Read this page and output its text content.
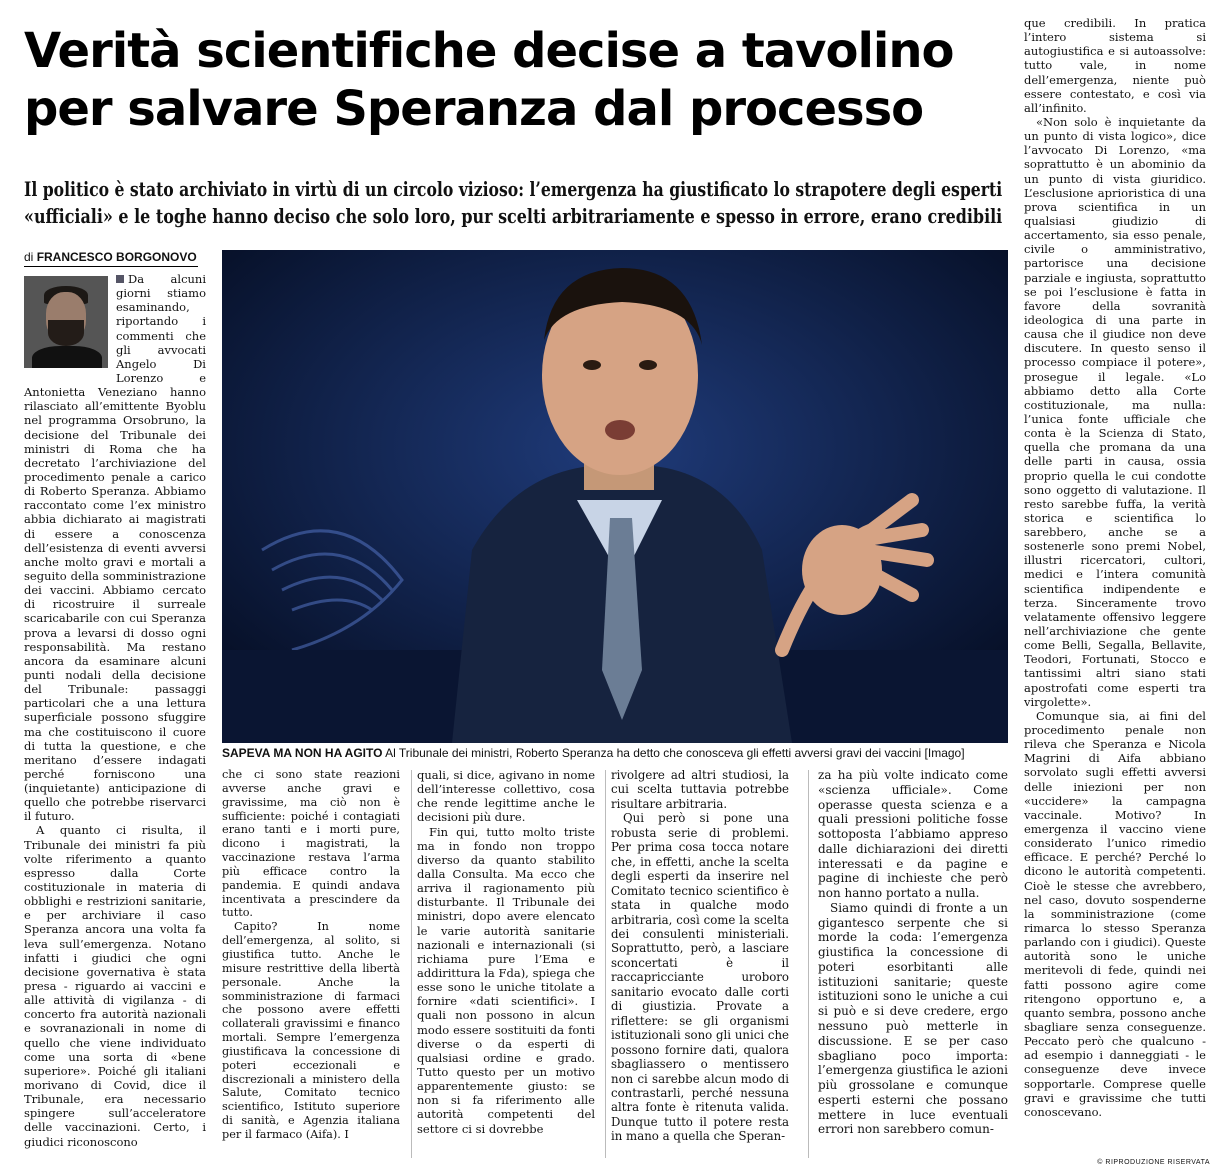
Verità scientifiche decise a tavolino
per salvare Speranza dal processo
Il politico è stato archiviato in virtù di un circolo vizioso: l’emergenza ha giustificato lo strapotere degli esperti
«ufficiali» e le toghe hanno deciso che solo loro, pur scelti arbitrariamente e spesso in errore, erano credibili
di FRANCESCO BORGONOVO

Da alcuni giorni stiamo esaminando, riportando i commenti che gli avvocati Angelo Di Lorenzo e Antonietta Veneziano hanno rilasciato all’emittente Byoblu nel programma Orsobruno, la decisione del Tribunale dei ministri di Roma che ha decretato l’archiviazione del procedimento penale a carico di Roberto Speranza. Abbiamo raccontato come l’ex ministro abbia dichiarato ai magistrati di essere a conoscenza dell’esistenza di eventi avversi anche molto gravi e mortali a seguito della somministrazione dei vaccini. Abbiamo cercato di ricostruire il surreale scaricabarile con cui Speranza prova a levarsi di dosso ogni responsabilità. Ma restano ancora da esaminare alcuni punti nodali della decisione del Tribunale: passaggi particolari che a una lettura superficiale possono sfuggire ma che costituiscono il cuore di tutta la questione, e che meritano d’essere indagati perché forniscono una (inquietante) anticipazione di quello che potrebbe riservarci il futuro.

A quanto ci risulta, il Tribunale dei ministri fa più volte riferimento a quanto espresso dalla Corte costituzionale in materia di obblighi e restrizioni sanitarie, e per archiviare il caso Speranza ancora una volta fa leva sull’emergenza. Notano infatti i giudici che ogni decisione governativa è stata presa - riguardo ai vaccini e alle attività di vigilanza - di concerto fra autorità nazionali e sovranazionali in nome di quello che viene individuato come una sorta di «bene superiore». Poiché gli italiani morivano di Covid, dice il Tribunale, era necessario spingere sull’acceleratore delle vaccinazioni. Certo, i giudici riconoscono

SAPEVA MA NON HA AGITO Al Tribunale dei ministri, Roberto Speranza ha detto che conosceva gli effetti avversi gravi dei vaccini [Imago]

che ci sono state reazioni avverse anche gravi e gravissime, ma ciò non è sufficiente: poiché i contagiati erano tanti e i morti pure, dicono i magistrati, la vaccinazione restava l’arma più efficace contro la pandemia. E quindi andava incentivata a prescindere da tutto.

Capito? In nome dell’emergenza, al solito, si giustifica tutto. Anche le misure restrittive della libertà personale. Anche la somministrazione di farmaci che possono avere effetti collaterali gravissimi e financo mortali. Sempre l’emergenza giustificava la concessione di poteri eccezionali e discrezionali a ministero della Salute, Comitato tecnico scientifico, Istituto superiore di sanità, e Agenzia italiana per il farmaco (Aifa). I

quali, si dice, agivano in nome dell’interesse collettivo, cosa che rende legittime anche le decisioni più dure.

Fin qui, tutto molto triste ma in fondo non troppo diverso da quanto stabilito dalla Consulta. Ma ecco che arriva il ragionamento più disturbante. Il Tribunale dei ministri, dopo avere elencato le varie autorità sanitarie nazionali e internazionali (si richiama pure l’Ema e addirittura la Fda), spiega che esse sono le uniche titolate a fornire «dati scientifici». I quali non possono in alcun modo essere sostituiti da fonti diverse o da esperti di qualsiasi ordine e grado. Tutto questo per un motivo apparentemente giusto: se non si fa riferimento alle autorità competenti del settore ci si dovrebbe

rivolgere ad altri studiosi, la cui scelta tuttavia potrebbe risultare arbitraria.

Qui però si pone una robusta serie di problemi. Per prima cosa tocca notare che, in effetti, anche la scelta degli esperti da inserire nel Comitato tecnico scientifico è stata in qualche modo arbitraria, così come la scelta dei consulenti ministeriali. Soprattutto, però, a lasciare sconcertati è il raccapricciante uroboro sanitario evocato dalle corti di giustizia. Provate a riflettere: se gli organismi istituzionali sono gli unici che possono fornire dati, qualora sbagliassero o mentissero non ci sarebbe alcun modo di contrastarli, perché nessuna altra fonte è ritenuta valida. Dunque tutto il potere resta in mano a quella che Speran-

za ha più volte indicato come «scienza ufficiale». Come operasse questa scienza e a quali pressioni politiche fosse sottoposta l’abbiamo appreso dalle dichiarazioni dei diretti interessati e da pagine e pagine di inchieste che però non hanno portato a nulla.

Siamo quindi di fronte a un gigantesco serpente che si morde la coda: l’emergenza giustifica la concessione di poteri esorbitanti alle istituzioni sanitarie; queste istituzioni sono le uniche a cui si può e si deve credere, ergo nessuno può metterle in discussione. E se per caso sbagliano poco importa: l’emergenza giustifica le azioni più grossolane e comunque esperti esterni che possano mettere in luce eventuali errori non sarebbero comun-

que credibili. In pratica l’intero sistema si autogiustifica e si autoassolve: tutto vale, in nome dell’emergenza, niente può essere contestato, e così via all’infinito.

«Non solo è inquietante da un punto di vista logico», dice l’avvocato Di Lorenzo, «ma soprattutto è un abominio da un punto di vista giuridico. L’esclusione aprioristica di una prova scientifica in un qualsiasi giudizio di accertamento, sia esso penale, civile o amministrativo, partorisce una decisione parziale e ingiusta, soprattutto se poi l’esclusione è fatta in favore della sovranità ideologica di una parte in causa che il giudice non deve discutere. In questo senso il processo compiace il potere», prosegue il legale. «Lo abbiamo detto alla Corte costituzionale, ma nulla: l’unica fonte ufficiale che conta è la Scienza di Stato, quella che promana da una delle parti in causa, ossia proprio quella le cui condotte sono oggetto di valutazione. Il resto sarebbe fuffa, la verità storica e scientifica lo sarebbero, anche se a sostenerle sono premi Nobel, illustri ricercatori, cultori, medici e l’intera comunità scientifica indipendente e terza. Sinceramente trovo velatamente offensivo leggere nell’archiviazione che gente come Belli, Segalla, Bellavite, Teodori, Fortunati, Stocco e tantissimi altri siano stati apostrofati come esperti tra virgolette».

Comunque sia, ai fini del procedimento penale non rileva che Speranza e Nicola Magrini di Aifa abbiano sorvolato sugli effetti avversi delle iniezioni per non «uccidere» la campagna vaccinale. Motivo? In emergenza il vaccino viene considerato l’unico rimedio efficace. E perché? Perché lo dicono le autorità competenti. Cioè le stesse che avrebbero, nel caso, dovuto sospenderne la somministrazione (come rimarca lo stesso Speranza parlando con i giudici). Queste autorità sono le uniche meritevoli di fede, quindi nei fatti possono agire come ritengono opportuno e, a quanto sembra, possono anche sbagliare senza conseguenze. Peccato però che qualcuno - ad esempio i danneggiati - le conseguenze deve invece sopportarle. Comprese quelle gravi e gravissime che tutti conoscevano.

© RIPRODUZIONE RISERVATA
